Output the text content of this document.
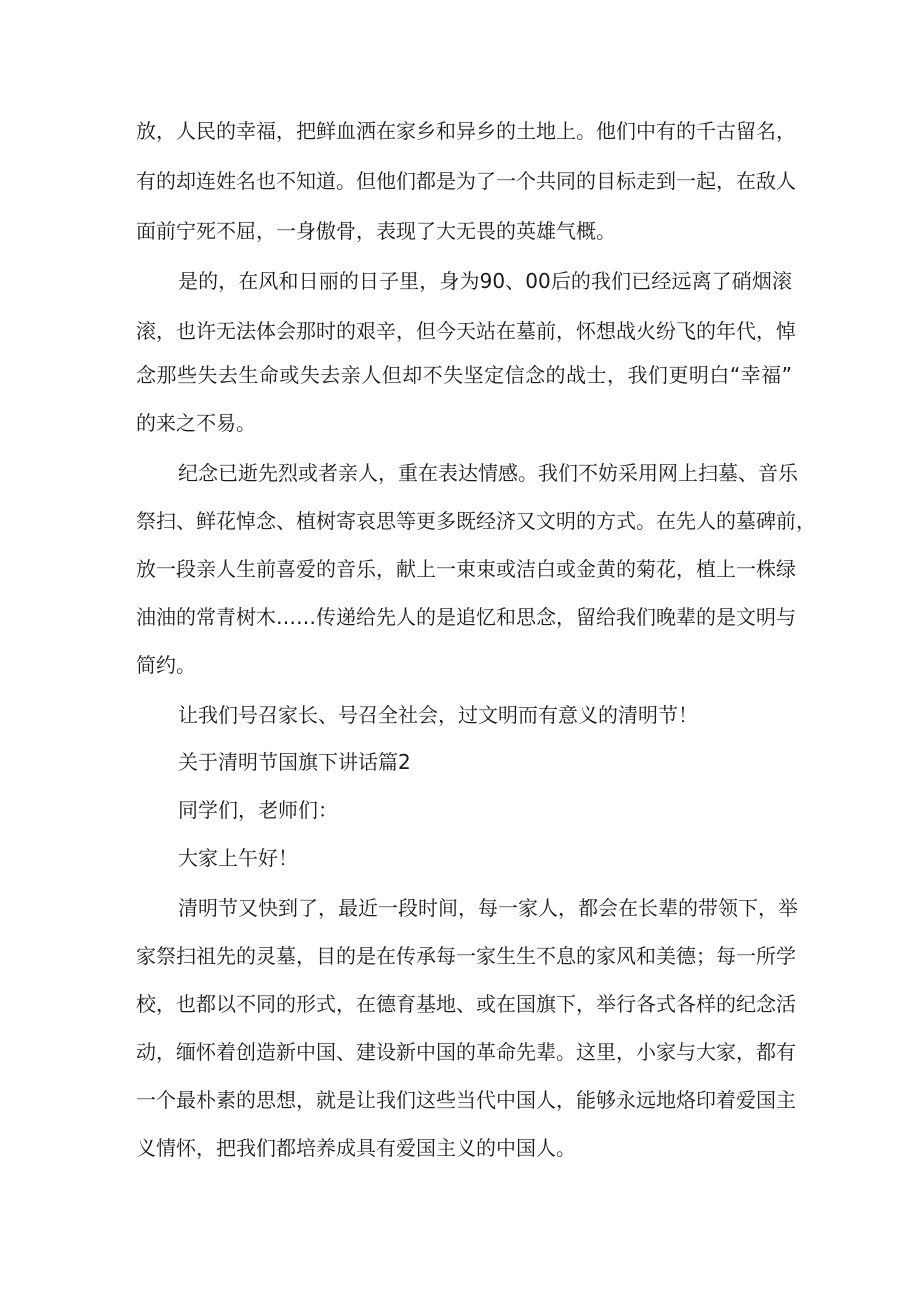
放，人民的幸福，把鲜血洒在家乡和异乡的土地上。他们中有的千古留名，
有的却连姓名也不知道。但他们都是为了一个共同的目标走到一起，在敌人
面前宁死不屈，一身傲骨，表现了大无畏的英雄气概。
是的，在风和日丽的日子里，身为90、00后的我们已经远离了硝烟滚
滚，也许无法体会那时的艰辛，但今天站在墓前，怀想战火纷飞的年代，悼
念那些失去生命或失去亲人但却不失坚定信念的战士，我们更明白“幸福”
的来之不易。
纪念已逝先烈或者亲人，重在表达情感。我们不妨采用网上扫墓、音乐
祭扫、鲜花悼念、植树寄哀思等更多既经济又文明的方式。在先人的墓碑前，
放一段亲人生前喜爱的音乐，献上一束束或洁白或金黄的菊花，植上一株绿
油油的常青树木……传递给先人的是追忆和思念，留给我们晚辈的是文明与
简约。
让我们号召家长、号召全社会，过文明而有意义的清明节！
关于清明节国旗下讲话篇2
同学们，老师们：
大家上午好！
清明节又快到了，最近一段时间，每一家人，都会在长辈的带领下，举
家祭扫祖先的灵墓，目的是在传承每一家生生不息的家风和美德；每一所学
校，也都以不同的形式，在德育基地、或在国旗下，举行各式各样的纪念活
动，缅怀着创造新中国、建设新中国的革命先辈。这里，小家与大家，都有
一个最朴素的思想，就是让我们这些当代中国人，能够永远地烙印着爱国主
义情怀，把我们都培养成具有爱国主义的中国人。
